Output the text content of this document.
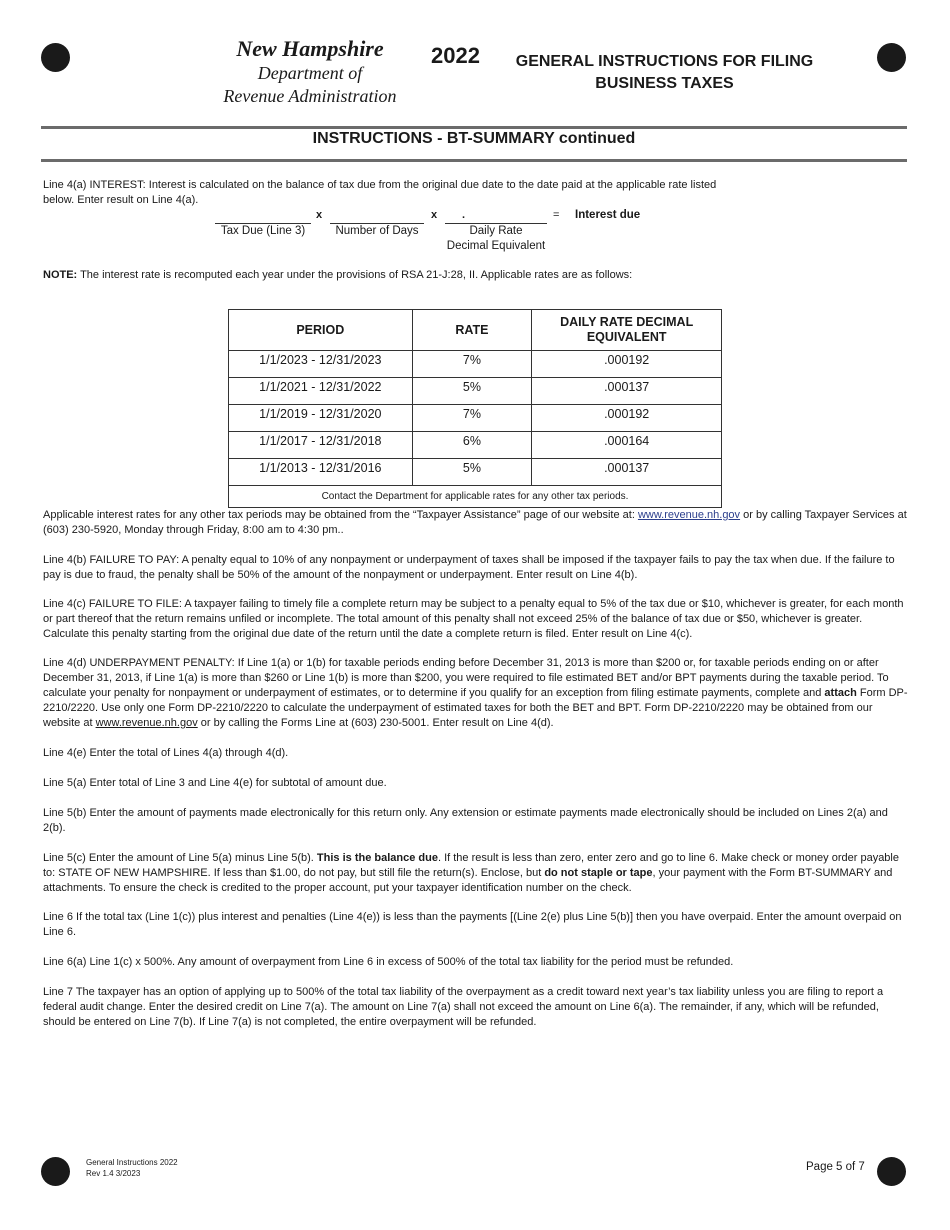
New Hampshire
Department of
Revenue Administration
2022	GENERAL INSTRUCTIONS FOR FILING
BUSINESS TAXES
INSTRUCTIONS - BT-SUMMARY continued
Line 4(a) INTEREST: Interest is calculated on the balance of tax due from the original due date to the date paid at the applicable rate listed below. Enter result on Line 4(a).
x	x .	= Interest due
Tax Due (Line 3)	Number of Days	Daily Rate
Decimal Equivalent
NOTE: The interest rate is recomputed each year under the provisions of RSA 21-J:28, II. Applicable rates are as follows:
PERIOD	RATE	DAILY RATE DECIMAL EQUIVALENT
1/1/2023 - 12/31/2023	7%	.000192
1/1/2021 - 12/31/2022	5%	.000137
1/1/2019 - 12/31/2020	7%	.000192
1/1/2017 - 12/31/2018	6%	.000164
1/1/2013 - 12/31/2016	5%	.000137
Contact the Department for applicable rates for any other tax periods.		
Applicable interest rates for any other tax periods may be obtained from the “Taxpayer Assistance” page of our website at: www.revenue.nh.gov or by calling Taxpayer Services at (603) 230-5920, Monday through Friday, 8:00 am to 4:30 pm..
Line 4(b) FAILURE TO PAY: A penalty equal to 10% of any nonpayment or underpayment of taxes shall be imposed if the taxpayer fails to pay the tax when due. If the failure to pay is due to fraud, the penalty shall be 50% of the amount of the nonpayment or underpayment. Enter result on Line 4(b).
Line 4(c) FAILURE TO FILE: A taxpayer failing to timely file a complete return may be subject to a penalty equal to 5% of the tax due or $10, whichever is greater, for each month or part thereof that the return remains unfiled or incomplete. The total amount of this penalty shall not exceed 25% of the balance of tax due or $50, whichever is greater. Calculate this penalty starting from the original due date of the return until the date a complete return is filed. Enter result on Line 4(c).
Line 4(d) UNDERPAYMENT PENALTY: If Line 1(a) or 1(b) for taxable periods ending before December 31, 2013 is more than $200 or, for taxable periods ending on or after December 31, 2013, if Line 1(a) is more than $260 or Line 1(b) is more than $200, you were required to file estimated BET and/or BPT payments during the taxable period. To calculate your penalty for nonpayment or underpayment of estimates, or to determine if you qualify for an exception from filing estimate payments, complete and attach Form DP-2210/2220. Use only one Form DP-2210/2220 to calculate the underpayment of estimated taxes for both the BET and BPT. Form DP-2210/2220 may be obtained from our website at www.revenue.nh.gov or by calling the Forms Line at (603) 230-5001. Enter result on Line 4(d).
Line 4(e) Enter the total of Lines 4(a) through 4(d).
Line 5(a) Enter total of Line 3 and Line 4(e) for subtotal of amount due.
Line 5(b) Enter the amount of payments made electronically for this return only. Any extension or estimate payments made electronically should be included on Lines 2(a) and 2(b).
Line 5(c) Enter the amount of Line 5(a) minus Line 5(b). This is the balance due. If the result is less than zero, enter zero and go to line 6. Make check or money order payable to: STATE OF NEW HAMPSHIRE. If less than $1.00, do not pay, but still file the return(s). Enclose, but do not staple or tape, your payment with the Form BT-SUMMARY and attachments. To ensure the check is credited to the proper account, put your taxpayer identification number on the check.
Line 6 If the total tax (Line 1(c)) plus interest and penalties (Line 4(e)) is less than the payments [(Line 2(e) plus Line 5(b)] then you have overpaid. Enter the amount overpaid on Line 6.
Line 6(a) Line 1(c) x 500%. Any amount of overpayment from Line 6 in excess of 500% of the total tax liability for the period must be refunded.
Line 7 The taxpayer has an option of applying up to 500% of the total tax liability of the overpayment as a credit toward next year’s tax liability unless you are filing to report a federal audit change. Enter the desired credit on Line 7(a). The amount on Line 7(a) shall not exceed the amount on Line 6(a). The remainder, if any, which will be refunded, should be entered on Line 7(b). If Line 7(a) is not completed, the entire overpayment will be refunded.
General Instructions 2022
Rev 1.4 3/2023
Page 5 of 7
